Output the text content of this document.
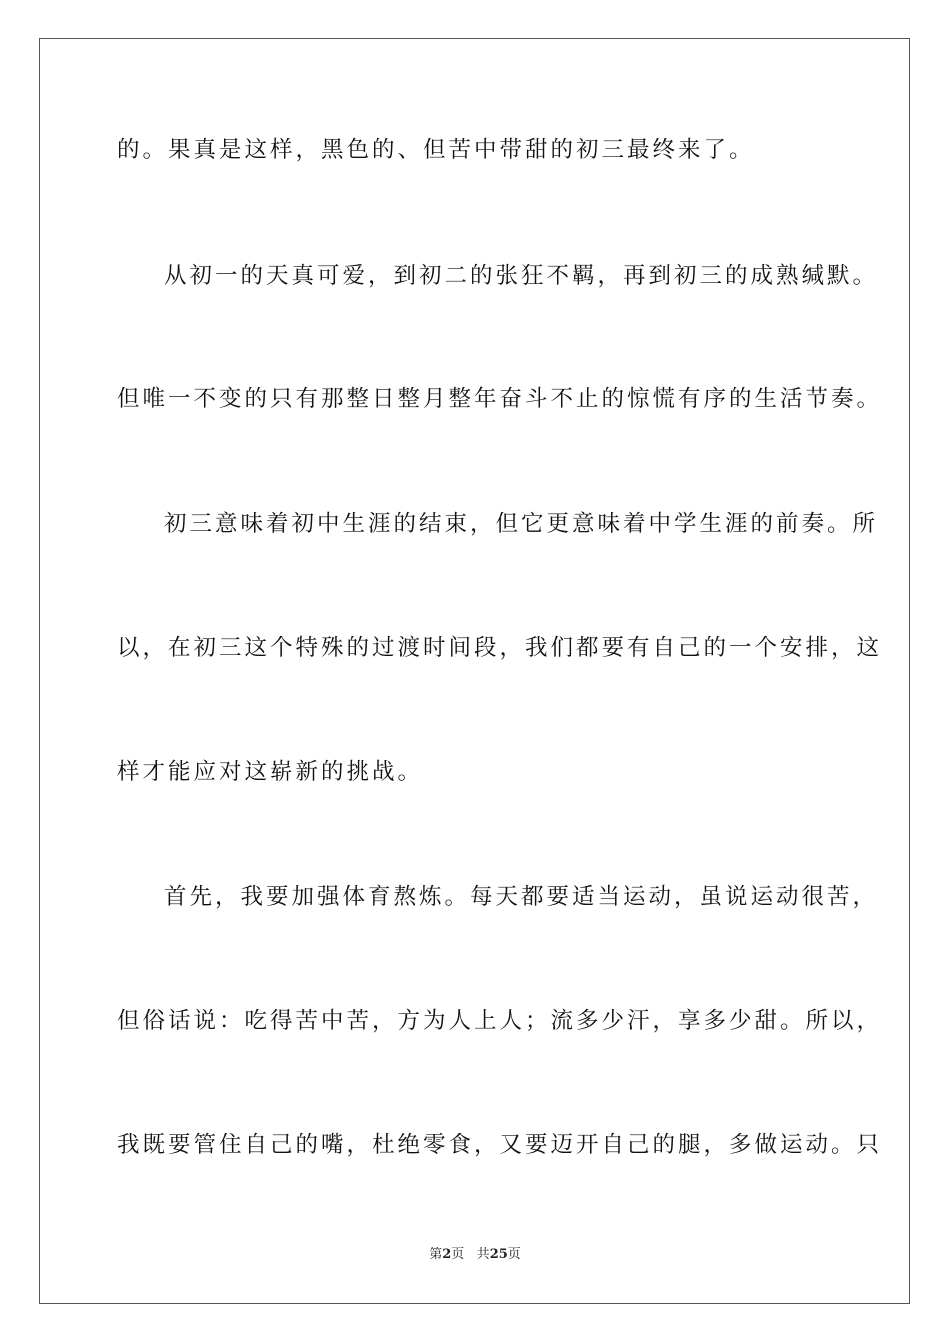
的。果真是这样，黑色的、但苦中带甜的初三最终来了。
从初一的天真可爱，到初二的张狂不羁，再到初三的成熟缄默。
但唯一不变的只有那整日整月整年奋斗不止的惊慌有序的生活节奏。
初三意味着初中生涯的结束，但它更意味着中学生涯的前奏。所
以，在初三这个特殊的过渡时间段，我们都要有自己的一个安排，这
样才能应对这崭新的挑战。
首先，我要加强体育熬炼。每天都要适当运动，虽说运动很苦，
但俗话说：吃得苦中苦，方为人上人；流多少汗，享多少甜。所以，
我既要管住自己的嘴，杜绝零食，又要迈开自己的腿，多做运动。只
第2页 共25页
